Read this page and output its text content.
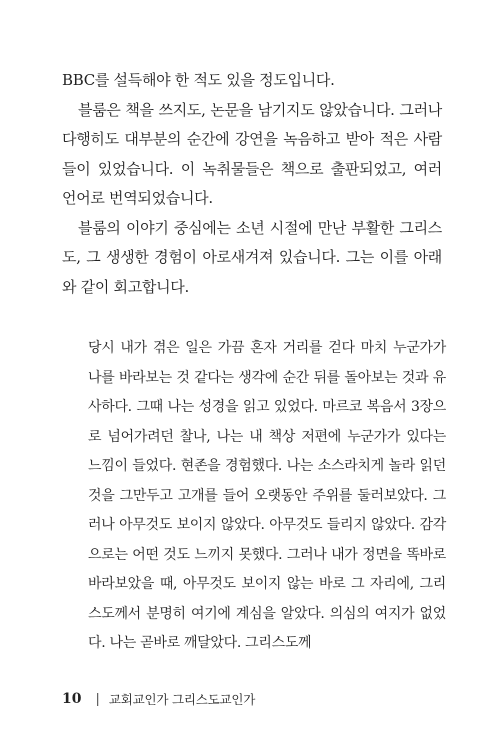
BBC를 설득해야 한 적도 있을 정도입니다.

블룸은 책을 쓰지도, 논문을 남기지도 않았습니다. 그러나 다행히도 대부분의 순간에 강연을 녹음하고 받아 적은 사람들이 있었습니다. 이 녹취물들은 책으로 출판되었고, 여러 언어로 번역되었습니다.

블룸의 이야기 중심에는 소년 시절에 만난 부활한 그리스도, 그 생생한 경험이 아로새겨져 있습니다. 그는 이를 아래와 같이 회고합니다.

당시 내가 겪은 일은 가끔 혼자 거리를 걷다 마치 누군가가 나를 바라보는 것 같다는 생각에 순간 뒤를 돌아보는 것과 유사하다. 그때 나는 성경을 읽고 있었다. 마르코 복음서 3장으로 넘어가려던 찰나, 나는 내 책상 저편에 누군가가 있다는 느낌이 들었다. 현존을 경험했다. 나는 소스라치게 놀라 읽던 것을 그만두고 고개를 들어 오랫동안 주위를 둘러보았다. 그러나 아무것도 보이지 않았다. 아무것도 들리지 않았다. 감각으로는 어떤 것도 느끼지 못했다. 그러나 내가 정면을 똑바로 바라보았을 때, 아무것도 보이지 않는 바로 그 자리에, 그리스도께서 분명히 여기에 계심을 알았다. 의심의 여지가 없었다. 나는 곧바로 깨달았다. 그리스도께

10 | 교회교인가 그리스도교인가
